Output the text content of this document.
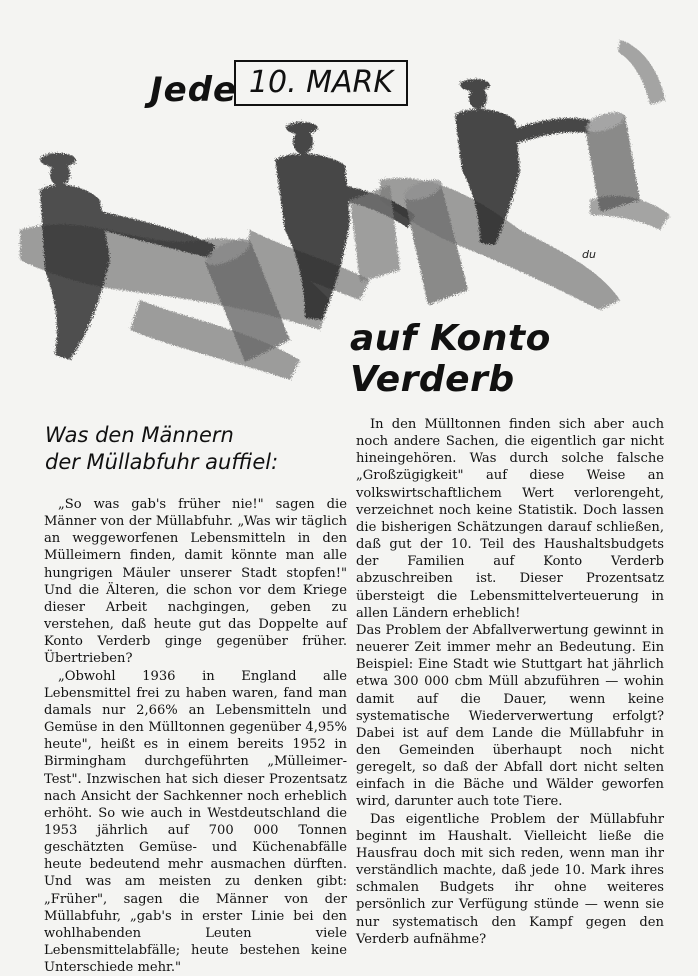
du
Jede 10. MARK
auf Konto Verderb
Was den Männern
der Müllabfuhr auffiel:

„So was gab's früher nie!" sagen die Männer von der Müllabfuhr. „Was wir täglich an weggeworfenen Lebensmitteln in den Mülleimern finden, damit könnte man alle hungrigen Mäuler unserer Stadt stopfen!" Und die Älteren, die schon vor dem Kriege dieser Arbeit nachgingen, geben zu verstehen, daß heute gut das Doppelte auf Konto Verderb ginge gegenüber früher. Übertrieben?

„Obwohl 1936 in England alle Lebensmittel frei zu haben waren, fand man damals nur 2,66% an Lebensmitteln und Gemüse in den Mülltonnen gegenüber 4,95% heute", heißt es in einem bereits 1952 in Birmingham durchgeführten „Mülleimer-Test". Inzwischen hat sich dieser Prozentsatz nach Ansicht der Sachkenner noch erheblich erhöht. So wie auch in Westdeutschland die 1953 jährlich auf 700 000 Tonnen geschätzten Gemüse- und Küchenabfälle heute bedeutend mehr ausmachen dürften. Und was am meisten zu denken gibt: „Früher", sagen die Männer von der Müllabfuhr, „gab's in erster Linie bei den wohlhabenden Leuten viele Lebensmittelabfälle; heute bestehen keine Unterschiede mehr."

In den Mülltonnen finden sich aber auch noch andere Sachen, die eigentlich gar nicht hineingehören. Was durch solche falsche „Großzügigkeit" auf diese Weise an volkswirtschaftlichem Wert verlorengeht, verzeichnet noch keine Statistik. Doch lassen die bisherigen Schätzungen darauf schließen, daß gut der 10. Teil des Haushaltsbudgets der Familien auf Konto Verderb abzuschreiben ist. Dieser Prozentsatz übersteigt die Lebensmittelverteuerung in allen Ländern erheblich!

Das Problem der Abfallverwertung gewinnt in neuerer Zeit immer mehr an Bedeutung. Ein Beispiel: Eine Stadt wie Stuttgart hat jährlich etwa 300 000 cbm Müll abzuführen — wohin damit auf die Dauer, wenn keine systematische Wiederverwertung erfolgt? Dabei ist auf dem Lande die Müllabfuhr in den Gemeinden überhaupt noch nicht geregelt, so daß der Abfall dort nicht selten einfach in die Bäche und Wälder geworfen wird, darunter auch tote Tiere.

Das eigentliche Problem der Müllabfuhr beginnt im Haushalt. Vielleicht ließe die Hausfrau doch mit sich reden, wenn man ihr verständlich machte, daß jede 10. Mark ihres schmalen Budgets ihr ohne weiteres persönlich zur Verfügung stünde — wenn sie nur systematisch den Kampf gegen den Verderb aufnähme?
